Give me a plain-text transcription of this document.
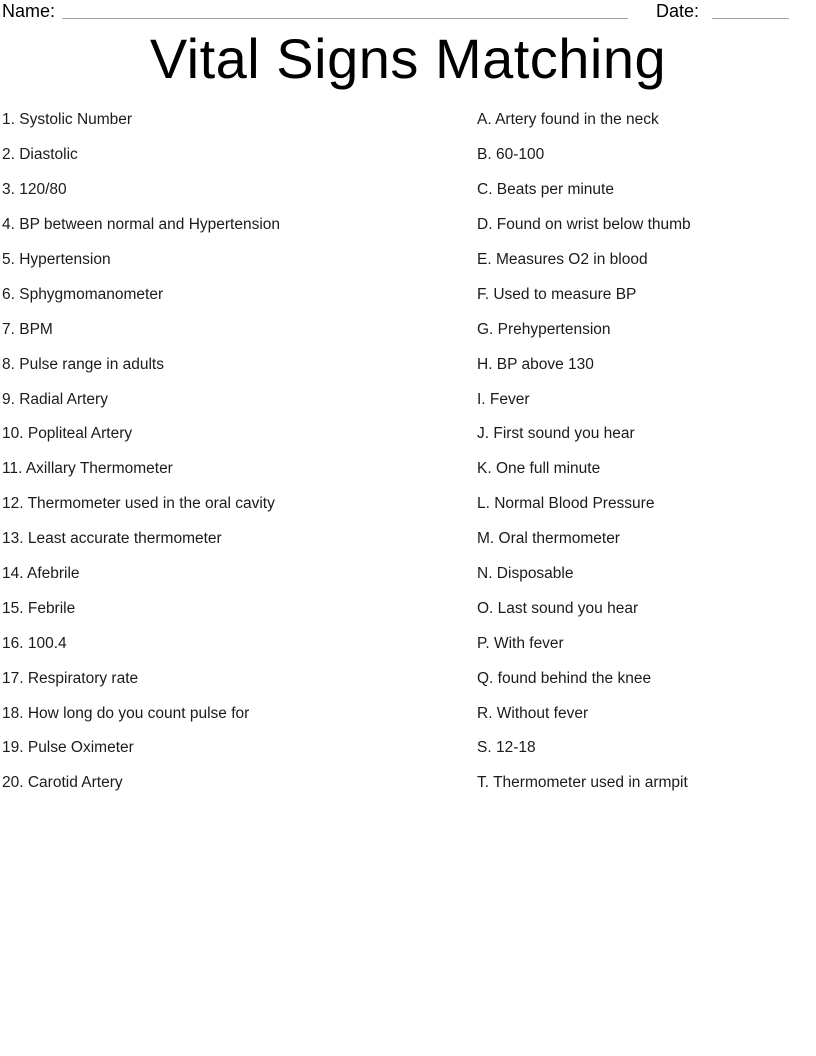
Name:	Date:
Vital Signs Matching
1. Systolic Number
2. Diastolic
3. 120/80
4. BP between normal and Hypertension
5. Hypertension
6. Sphygmomanometer
7. BPM
8. Pulse range in adults
9. Radial Artery
10. Popliteal Artery
11. Axillary Thermometer
12. Thermometer used in the oral cavity
13. Least accurate thermometer
14. Afebrile
15. Febrile
16. 100.4
17. Respiratory rate
18. How long do you count pulse for
19. Pulse Oximeter
20. Carotid Artery
A. Artery found in the neck
B. 60-100
C. Beats per minute
D. Found on wrist below thumb
E. Measures O2 in blood
F. Used to measure BP
G. Prehypertension
H. BP above 130
I. Fever
J. First sound you hear
K. One full minute
L. Normal Blood Pressure
M. Oral thermometer
N. Disposable
O. Last sound you hear
P. With fever
Q. found behind the knee
R. Without fever
S. 12-18
T. Thermometer used in armpit
